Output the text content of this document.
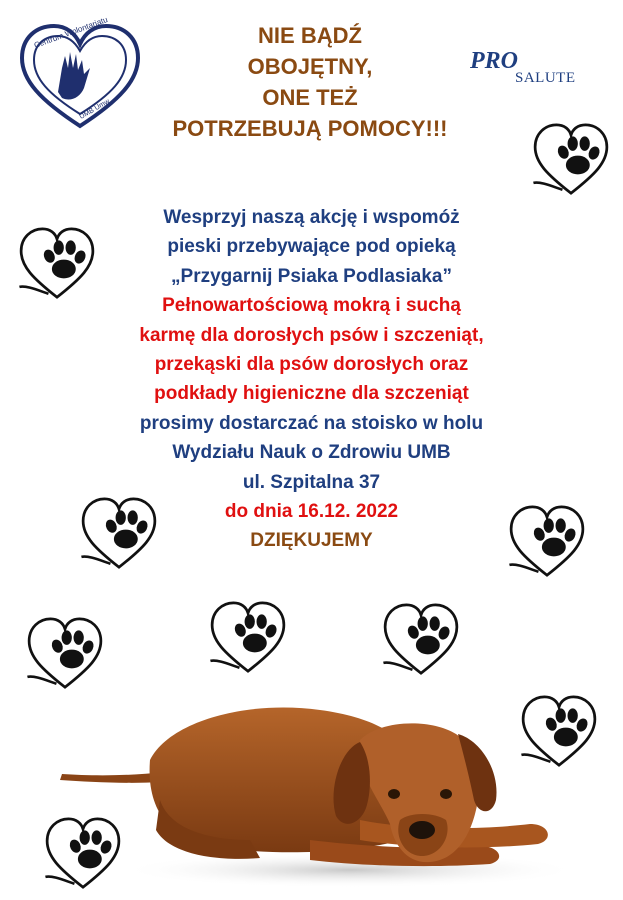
Centrum Wolontariatu
UMB Umw
NIE BĄDŹ
OBOJĘTNY,
ONE TEŻ
POTRZEBUJĄ POMOCY!!!
PRO
SALUTE
Wesprzyj naszą akcję i wspomóż
pieski przebywające pod opieką
„Przygarnij Psiaka Podlasiaka”
Pełnowartościową mokrą i suchą
karmę dla dorosłych psów i szczeniąt,
przekąski dla psów dorosłych oraz
podkłady higieniczne dla szczeniąt
prosimy dostarczać na stoisko w holu
Wydziału Nauk o Zdrowiu UMB
ul. Szpitalna 37
do dnia 16.12. 2022
DZIĘKUJEMY
